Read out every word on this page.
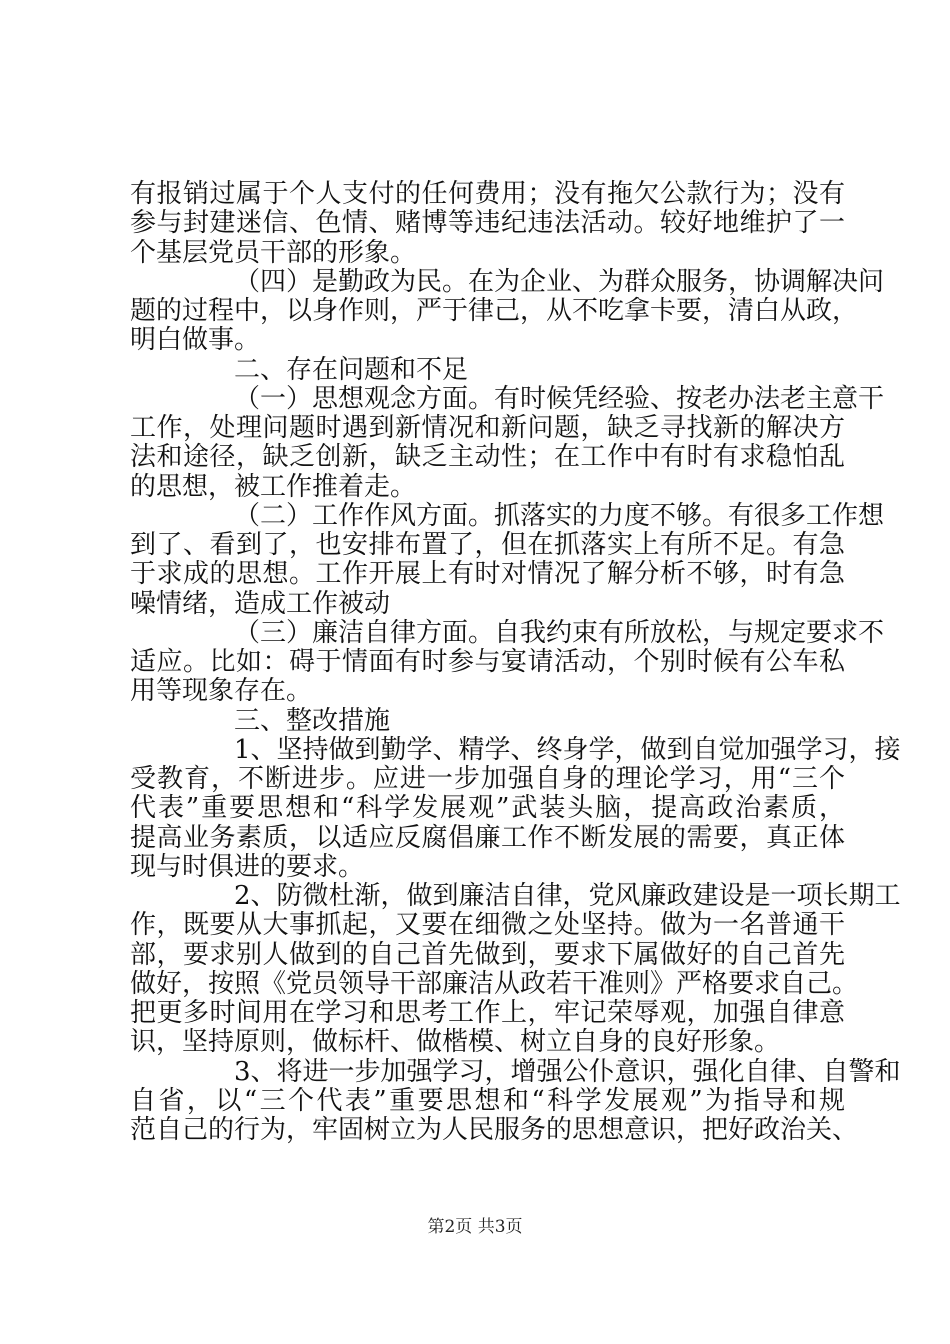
有报销过属于个人支付的任何费用；没有拖欠公款行为；没有
参与封建迷信、色情、赌博等违纪违法活动。较好地维护了一
个基层党员干部的形象。
（四）是勤政为民。在为企业、为群众服务，协调解决问
题的过程中，以身作则，严于律己，从不吃拿卡要，清白从政，
明白做事。
二、存在问题和不足
（一）思想观念方面。有时候凭经验、按老办法老主意干
工作，处理问题时遇到新情况和新问题，缺乏寻找新的解决方
法和途径，缺乏创新，缺乏主动性；在工作中有时有求稳怕乱
的思想，被工作推着走。
（二）工作作风方面。抓落实的力度不够。有很多工作想
到了、看到了，也安排布置了，但在抓落实上有所不足。有急
于求成的思想。工作开展上有时对情况了解分析不够，时有急
噪情绪，造成工作被动
（三）廉洁自律方面。自我约束有所放松，与规定要求不
适应。比如：碍于情面有时参与宴请活动，个别时候有公车私
用等现象存在。
三、整改措施
1、坚持做到勤学、精学、终身学，做到自觉加强学习，接
受教育，不断进步。应进一步加强自身的理论学习，用“三个
代表”重要思想和“科学发展观”武装头脑，提高政治素质，
提高业务素质，以适应反腐倡廉工作不断发展的需要，真正体
现与时俱进的要求。
2、防微杜渐，做到廉洁自律，党风廉政建设是一项长期工
作，既要从大事抓起，又要在细微之处坚持。做为一名普通干
部，要求别人做到的自己首先做到，要求下属做好的自己首先
做好，按照《党员领导干部廉洁从政若干准则》严格要求自己。
把更多时间用在学习和思考工作上，牢记荣辱观，加强自律意
识，坚持原则，做标杆、做楷模、树立自身的良好形象。
3、将进一步加强学习，增强公仆意识，强化自律、自警和
自省，以“三个代表”重要思想和“科学发展观”为指导和规
范自己的行为，牢固树立为人民服务的思想意识，把好政治关、
第2页 共3页
